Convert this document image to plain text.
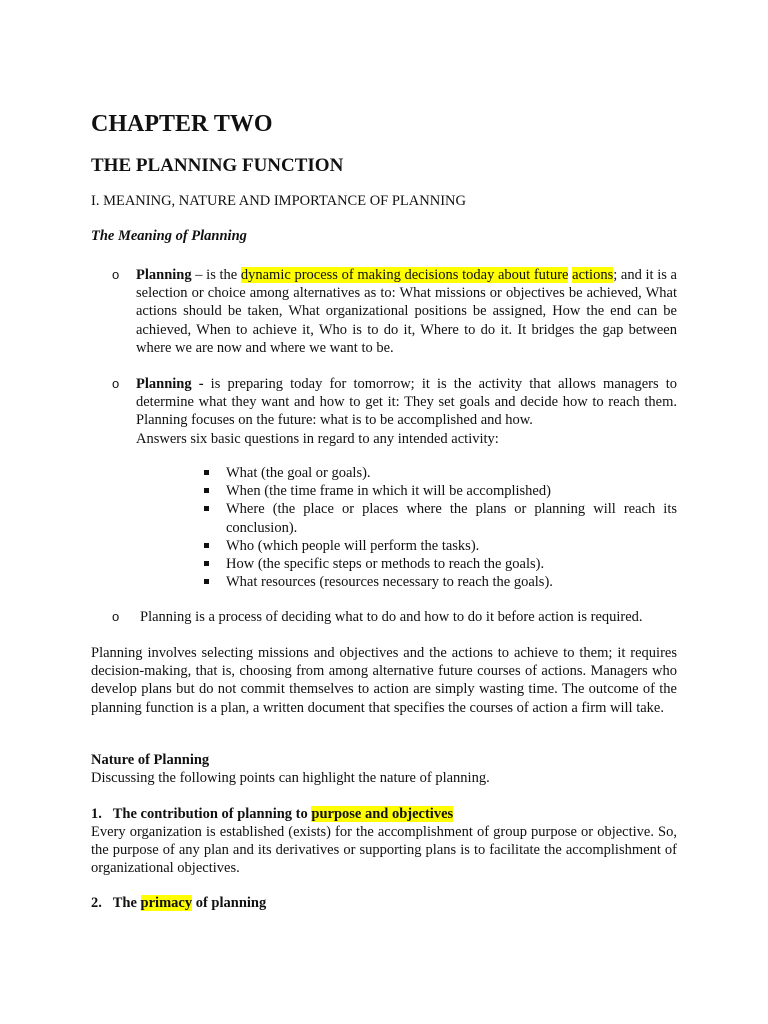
CHAPTER TWO
THE PLANNING FUNCTION

I. MEANING, NATURE AND IMPORTANCE OF PLANNING

The Meaning of Planning

o Planning – is the dynamic process of making decisions today about future actions; and it is a selection or choice among alternatives as to: What missions or objectives be achieved, What actions should be taken, What organizational positions be assigned, How the end can be achieved, When to achieve it, Who is to do it, Where to do it. It bridges the gap between where we are now and where we want to be.
o Planning - is preparing today for tomorrow; it is the activity that allows managers to determine what they want and how to get it: They set goals and decide how to reach them. Planning focuses on the future: what is to be accomplished and how.
Answers six basic questions in regard to any intended activity:
What (the goal or goals).
When (the time frame in which it will be accomplished)
Where (the place or places where the plans or planning will reach its conclusion).
Who (which people will perform the tasks).
How (the specific steps or methods to reach the goals).
What resources (resources necessary to reach the goals).
o Planning is a process of deciding what to do and how to do it before action is required.
Planning involves selecting missions and objectives and the actions to achieve to them; it requires decision-making, that is, choosing from among alternative future courses of actions. Managers who develop plans but do not commit themselves to action are simply wasting time. The outcome of the planning function is a plan, a written document that specifies the courses of action a firm will take.
Nature of Planning
Discussing the following points can highlight the nature of planning.
1. The contribution of planning to purpose and objectives
Every organization is established (exists) for the accomplishment of group purpose or objective. So, the purpose of any plan and its derivatives or supporting plans is to facilitate the accomplishment of organizational objectives.
2. The primacy of planning
